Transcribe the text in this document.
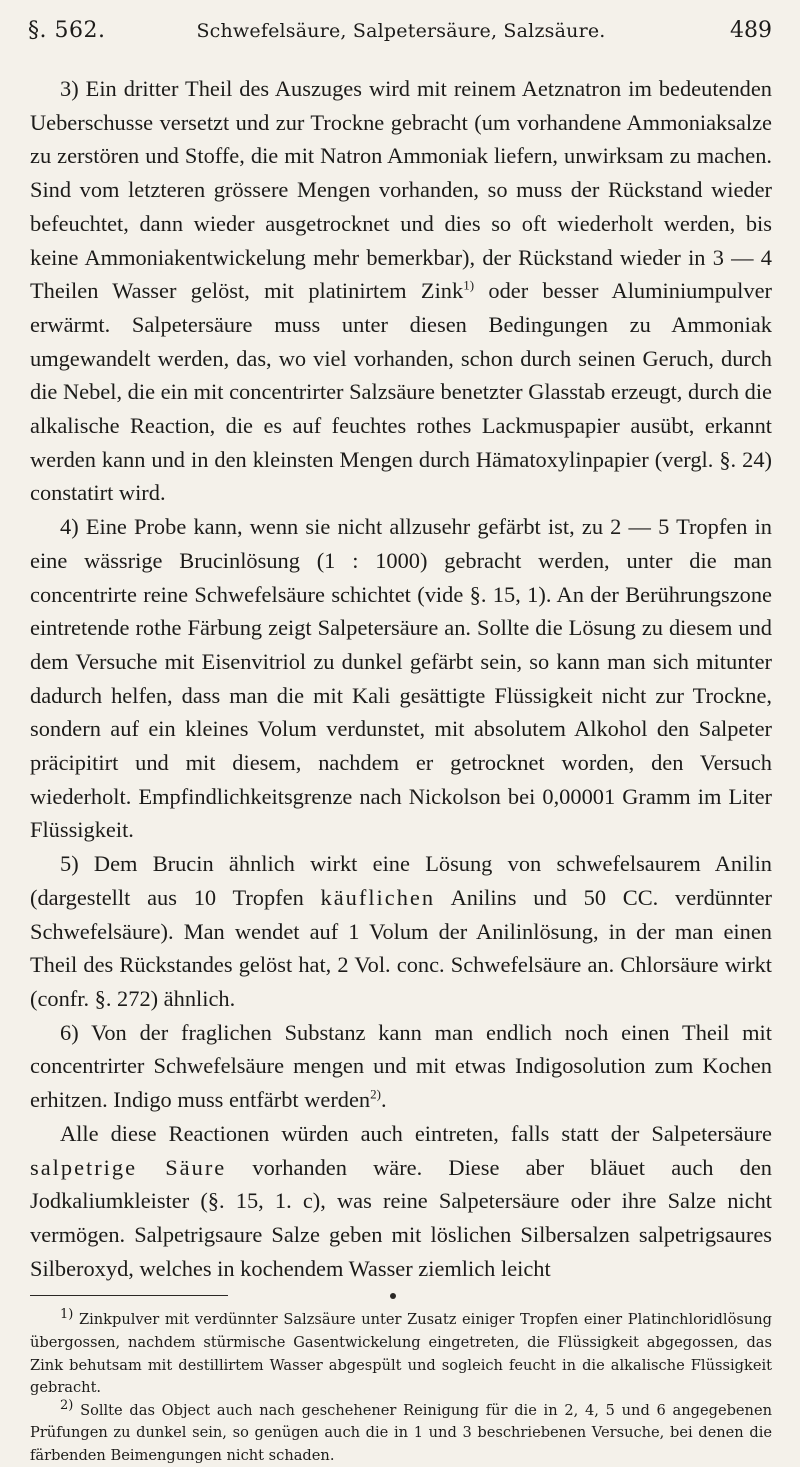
§. 562.	Schwefelsäure, Salpetersäure, Salzsäure.	489

3) Ein dritter Theil des Auszuges wird mit reinem Aetznatron im bedeutenden Ueberschusse versetzt und zur Trockne gebracht (um vorhandene Ammoniaksalze zu zerstören und Stoffe, die mit Natron Ammoniak liefern, unwirksam zu machen. Sind vom letzteren grössere Mengen vorhanden, so muss der Rückstand wieder befeuchtet, dann wieder ausgetrocknet und dies so oft wiederholt werden, bis keine Ammoniakentwickelung mehr bemerkbar), der Rückstand wieder in 3 — 4 Theilen Wasser gelöst, mit platinirtem Zink$^{1)}$ oder besser Aluminiumpulver erwärmt. Salpetersäure muss unter diesen Bedingungen zu Ammoniak umgewandelt werden, das, wo viel vorhanden, schon durch seinen Geruch, durch die Nebel, die ein mit concentrirter Salzsäure benetzter Glasstab erzeugt, durch die alkalische Reaction, die es auf feuchtes rothes Lackmuspapier ausübt, erkannt werden kann und in den kleinsten Mengen durch Hämatoxylinpapier (vergl. §. 24) constatirt wird.

4) Eine Probe kann, wenn sie nicht allzusehr gefärbt ist, zu 2 — 5 Tropfen in eine wässrige Brucinlösung (1 : 1000) gebracht werden, unter die man concentrirte reine Schwefelsäure schichtet (vide §. 15, 1). An der Berührungszone eintretende rothe Färbung zeigt Salpetersäure an. Sollte die Lösung zu diesem und dem Versuche mit Eisenvitriol zu dunkel gefärbt sein, so kann man sich mitunter dadurch helfen, dass man die mit Kali gesättigte Flüssigkeit nicht zur Trockne, sondern auf ein kleines Volum verdunstet, mit absolutem Alkohol den Salpeter präcipitirt und mit diesem, nachdem er getrocknet worden, den Versuch wiederholt. Empfindlichkeitsgrenze nach Nickolson bei 0,00001 Gramm im Liter Flüssigkeit.

5) Dem Brucin ähnlich wirkt eine Lösung von schwefelsaurem Anilin (dargestellt aus 10 Tropfen käuflichen Anilins und 50 CC. verdünnter Schwefelsäure). Man wendet auf 1 Volum der Anilinlösung, in der man einen Theil des Rückstandes gelöst hat, 2 Vol. conc. Schwefelsäure an. Chlorsäure wirkt (confr. §. 272) ähnlich.

6) Von der fraglichen Substanz kann man endlich noch einen Theil mit concentrirter Schwefelsäure mengen und mit etwas Indigosolution zum Kochen erhitzen. Indigo muss entfärbt werden$^{2)}$.

Alle diese Reactionen würden auch eintreten, falls statt der Salpetersäure salpetrige Säure vorhanden wäre. Diese aber bläuet auch den Jodkaliumkleister (§. 15, 1. c), was reine Salpetersäure oder ihre Salze nicht vermögen. Salpetrigsaure Salze geben mit löslichen Silbersalzen salpetrigsaures Silberoxyd, welches in kochendem Wasser ziemlich leicht

$^{1)}$ Zinkpulver mit verdünnter Salzsäure unter Zusatz einiger Tropfen einer Platinchloridlösung übergossen, nachdem stürmische Gasentwickelung eingetreten, die Flüssigkeit abgegossen, das Zink behutsam mit destillirtem Wasser abgespült und sogleich feucht in die alkalische Flüssigkeit gebracht.

$^{2)}$ Sollte das Object auch nach geschehener Reinigung für die in 2, 4, 5 und 6 angegebenen Prüfungen zu dunkel sein, so genügen auch die in 1 und 3 beschriebenen Versuche, bei denen die färbenden Beimengungen nicht schaden.
